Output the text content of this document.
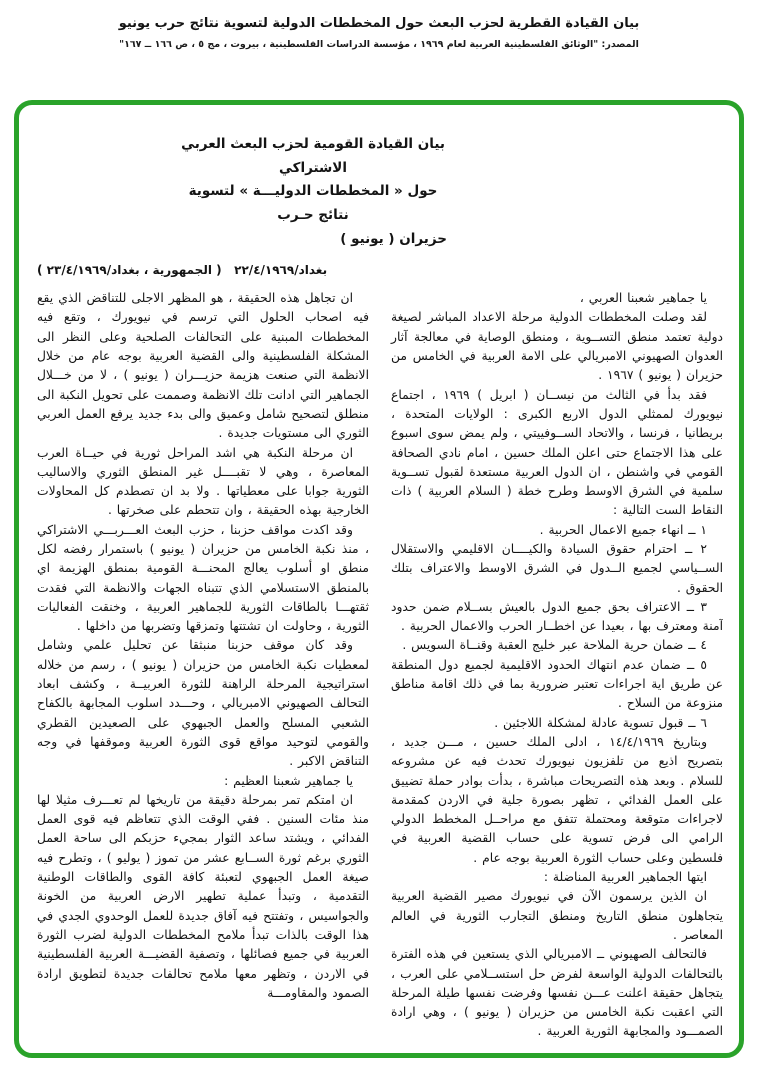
بيان القيادة القطرية لحزب البعث حول المخططات الدولية لتسوية نتائج حرب يونيو
المصدر: "الوثائق الفلسطينية العربية لعام ١٩٦٩ ، مؤسسة الدراسات الفلسطينية ، بيروت ، مج ٥ ، ص ١٦٦ ــ ١٦٧"
بيان القيادة القومية لحزب البعث العربي الاشتراكي
حول « المخططات الدوليـــة » لتسوية نتائج حـرب
حزيران ( يونيو )
بغداد/٢٢/٤/١٩٦٩   ( الجمهورية ، بغداد/٢٣/٤/١٩٦٩ )

يا جماهير شعبنا العربي ،

لقد وصلت المخططات الدولية مرحلة الاعداد المباشر لصيغة دولية تعتمد منطق التســوية ، ومنطق الوصاية في معالجة آثار العدوان الصهيوني الامبريالي على الامة العربية في الخامس من حزيران ( يونيو ) ١٩٦٧ .

فقد بدأ في الثالث من نيســان ( ابريل ) ١٩٦٩ ، اجتماع نيويورك لممثلي الدول الاربع الكبرى : الولايات المتحدة ، بريطانيا ، فرنسا ، والاتحاد الســوفييتي ، ولم يمض سوى اسبوع على هذا الاجتماع حتى اعلن الملك حسين ، امام نادي الصحافة القومي في واشنطن ، ان الدول العربية مستعدة لقبول تســوية سلمية في الشرق الاوسط وطرح خطة ( السلام العربية ) ذات النقاط الست التالية :

١ ــ انهاء جميع الاعمال الحربية .

٢ ــ احترام حقوق السيادة والكيــــان الاقليمي والاستقلال الســياسي لجميع الــدول في الشرق الاوسط والاعتراف بتلك الحقوق .

٣ ــ الاعتراف بحق جميع الدول بالعيش بســلام ضمن حدود آمنة ومعترف بها ، بعيدا عن اخطــار الحرب والاعمال الحربية .

٤ ــ ضمان حرية الملاحة عبر خليج العقبة وقنــاة السويس .

٥ ــ ضمان عدم انتهاك الحدود الاقليمية لجميع دول المنطقة عن طريق اية اجراءات تعتبر ضرورية بما في ذلك اقامة مناطق منزوعة من السلاح .

٦ ــ قبول تسوية عادلة لمشكلة اللاجئين .

وبتاريخ ١٤/٤/١٩٦٩ ، ادلى الملك حسين ، مـــن جديد ، بتصريح اذيع من تلفزيون نيويورك تحدث فيه عن مشروعه للسلام . وبعد هذه التصريحات مباشرة ، بدأت بوادر حملة تضييق على العمل الفدائي ، تظهر بصورة جلية في الاردن كمقدمة لاجراءات متوقعة ومحتملة تتفق مع مراحــل المخطط الدولي الرامي الى فرض تسوية على حساب القضية العربية في فلسطين وعلى حساب الثورة العربية بوجه عام .

ايتها الجماهير العربية المناضلة :

ان الذين يرسمون الآن في نيويورك مصير القضية العربية يتجاهلون منطق التاريخ ومنطق التجارب الثورية في العالم المعاصر .

فالتحالف الصهيوني ــ الامبريالي الذي يستعين في هذه الفترة بالتحالفات الدولية الواسعة لفرض حل استســلامي على العرب ، يتجاهل حقيقة اعلنت عـــن نفسها وفرضت نفسها طيلة المرحلة التي اعقبت نكبة الخامس من حزيران ( يونيو ) ، وهي ارادة الصمـــود والمجابهة الثورية العربية .

ان تجاهل هذه الحقيقة ، هو المظهر الاجلى للتناقض الذي يقع فيه اصحاب الحلول التي ترسم في نيويورك ، وتقع فيه المخططات المبنية على التحالفات الصلحية وعلى النظر الى المشكلة الفلسطينية والى القضية العربية بوجه عام من خلال الانظمة التي صنعت هزيمة حزيـــران ( يونيو ) ، لا من خـــلال الجماهير التي ادانت تلك الانظمة وصممت على تحويل النكبة الى منطلق لتصحيح شامل وعميق والى بدء جديد يرفع العمل العربي الثوري الى مستويات جديدة .

ان مرحلة النكبة هي اشد المراحل ثورية في حيــاة العرب المعاصرة ، وهي لا تقبــــل غير المنطق الثوري والاساليب الثورية جوابا على معطياتها . ولا بد ان تصطدم كل المحاولات الخارجية بهذه الحقيقة ، وان تتحطم على صخرتها .

وقد اكدت مواقف حزبنا ، حزب البعث العـــربـــي الاشتراكي ، منذ نكبة الخامس من حزيران ( يونيو ) باستمرار رفضه لكل منطق او أسلوب يعالج المحنـــة القومية بمنطق الهزيمة اي بالمنطق الاستسلامي الذي تتبناه الجهات والانظمة التي فقدت ثقتهـــا بالطاقات الثورية للجماهير العربية ، وخنقت الفعاليات الثورية ، وحاولت ان تشتتها وتمزقها وتضربها من داخلها .

وقد كان موقف حزبنا منبثقا عن تحليل علمي وشامل لمعطيات نكبة الخامس من حزيران ( يونيو ) ، رسم من خلاله استراتيجية المرحلة الراهنة للثورة العربيــة ، وكشف ابعاد التحالف الصهيوني الامبريالي ، وحـــدد اسلوب المجابهة بالكفاح الشعبي المسلح والعمل الجبهوي على الصعيدين القطري والقومي لتوحيد مواقع قوى الثورة العربية وموقفها في وجه التناقض الاكبر .

يا جماهير شعبنا العظيم :

ان امتكم تمر بمرحلة دقيقة من تاريخها لم تعـــرف مثيلا لها منذ مئات السنين . ففي الوقت الذي تتعاظم فيه قوى العمل الفدائي ، ويشتد ساعد الثوار بمجيء حزبكم الى ساحة العمل الثوري برغم ثورة الســابع عشر من تموز ( يوليو ) ، وتطرح فيه صيغة العمل الجبهوي لتعبئة كافة القوى والطاقات الوطنية التقدمية ، وتبدأ عملية تطهير الارض العربية من الخونة والجواسيس ، وتفتتح فيه آفاق جديدة للعمل الوحدوي الجدي في هذا الوقت بالذات تبدأ ملامح المخططات الدولية لضرب الثورة العربية في جميع فصائلها ، وتصفية القضيـــة العربية الفلسطينية في الاردن ، وتظهر معها ملامح تحالفات جديدة لتطويق ارادة الصمود والمقاومـــة
